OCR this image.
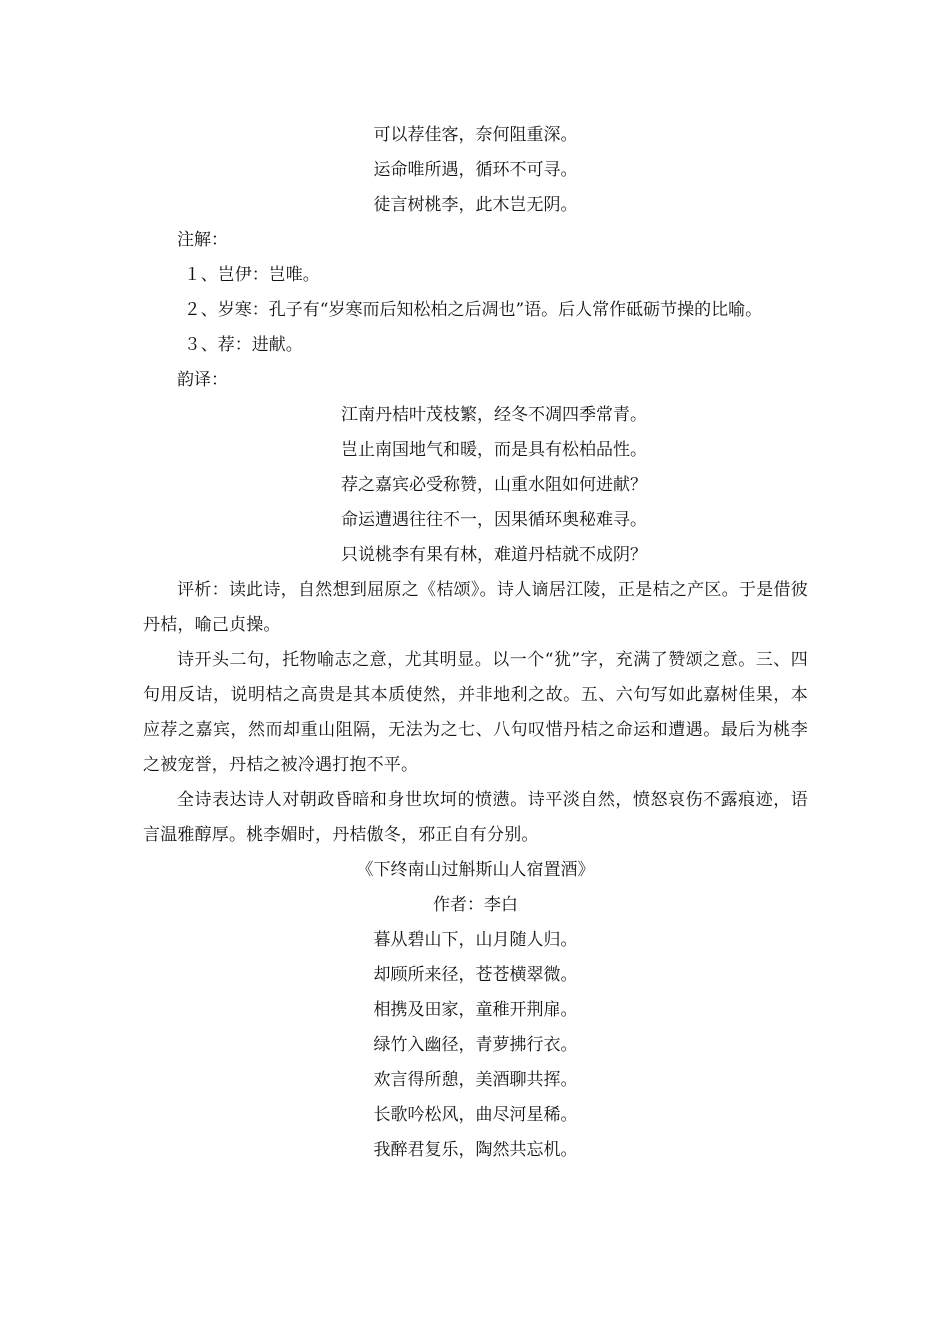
可以荐佳客，奈何阻重深。

运命唯所遇，循环不可寻。

徒言树桃李，此木岂无阴。

注解：

１、岂伊：岂唯。

２、岁寒：孔子有“岁寒而后知松柏之后凋也”语。后人常作砥砺节操的比喻。

３、荐：进献。

韵译：

江南丹桔叶茂枝繁，经冬不凋四季常青。

岂止南国地气和暖，而是具有松柏品性。

荐之嘉宾必受称赞，山重水阻如何进献？

命运遭遇往往不一，因果循环奥秘难寻。

只说桃李有果有林，难道丹桔就不成阴？

评析：读此诗，自然想到屈原之《桔颂》。诗人谪居江陵，正是桔之产区。于是借彼丹桔，喻己贞操。

诗开头二句，托物喻志之意，尤其明显。以一个“犹”字，充满了赞颂之意。三、四句用反诘，说明桔之高贵是其本质使然，并非地利之故。五、六句写如此嘉树佳果，本应荐之嘉宾，然而却重山阻隔，无法为之七、八句叹惜丹桔之命运和遭遇。最后为桃李之被宠誉，丹桔之被冷遇打抱不平。

全诗表达诗人对朝政昏暗和身世坎坷的愤懑。诗平淡自然，愤怒哀伤不露痕迹，语言温雅醇厚。桃李媚时，丹桔傲冬，邪正自有分别。

《下终南山过斛斯山人宿置酒》

作者：李白

暮从碧山下，山月随人归。

却顾所来径，苍苍横翠微。

相携及田家，童稚开荆扉。

绿竹入幽径，青萝拂行衣。

欢言得所憩，美酒聊共挥。

长歌吟松风，曲尽河星稀。

我醉君复乐，陶然共忘机。
